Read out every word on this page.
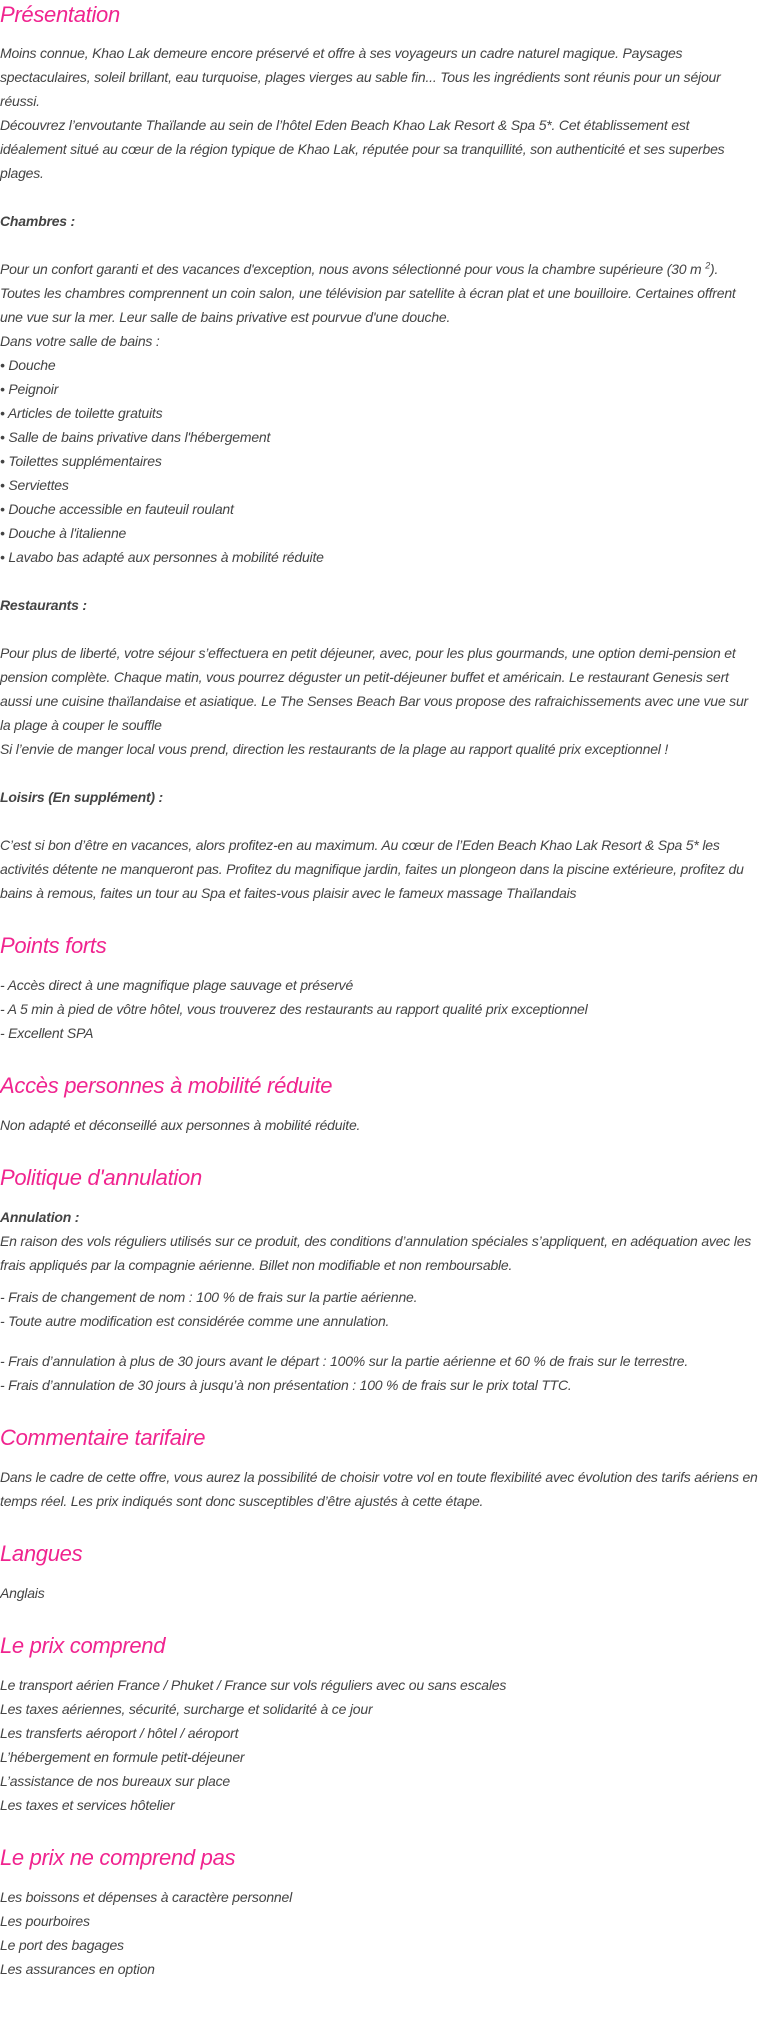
Présentation

Moins connue, Khao Lak demeure encore préservé et offre à ses voyageurs un cadre naturel magique. Paysages spectaculaires, soleil brillant, eau turquoise, plages vierges au sable fin... Tous les ingrédients sont réunis pour un séjour réussi.

Découvrez l’envoutante Thaïlande au sein de l’hôtel Eden Beach Khao Lak Resort & Spa 5*. Cet établissement est idéalement situé au cœur de la région typique de Khao Lak, réputée pour sa tranquillité, son authenticité et ses superbes plages.

Chambres :

Pour un confort garanti et des vacances d'exception, nous avons sélectionné pour vous la chambre supérieure (30 m $^2$). Toutes les chambres comprennent un coin salon, une télévision par satellite à écran plat et une bouilloire. Certaines offrent une vue sur la mer. Leur salle de bains privative est pourvue d'une douche.

Dans votre salle de bains :

• Douche
• Peignoir
• Articles de toilette gratuits
• Salle de bains privative dans l'hébergement
• Toilettes supplémentaires
• Serviettes
• Douche accessible en fauteuil roulant
• Douche à l'italienne
• Lavabo bas adapté aux personnes à mobilité réduite

Restaurants :

Pour plus de liberté, votre séjour s’effectuera en petit déjeuner, avec, pour les plus gourmands, une option demi-pension et pension complète. Chaque matin, vous pourrez déguster un petit-déjeuner buffet et américain. Le restaurant Genesis sert aussi une cuisine thaïlandaise et asiatique. Le The Senses Beach Bar vous propose des rafraichissements avec une vue sur la plage à couper le souffle

Si l’envie de manger local vous prend, direction les restaurants de la plage au rapport qualité prix exceptionnel !

Loisirs (En supplément) :

C’est si bon d’être en vacances, alors profitez-en au maximum. Au cœur de l’Eden Beach Khao Lak Resort & Spa 5* les activités détente ne manqueront pas. Profitez du magnifique jardin, faites un plongeon dans la piscine extérieure, profitez du bains à remous, faites un tour au Spa et faites-vous plaisir avec le fameux massage Thaïlandais

Points forts
- Accès direct à une magnifique plage sauvage et préservé
- A 5 min à pied de vôtre hôtel, vous trouverez des restaurants au rapport qualité prix exceptionnel
- Excellent SPA
Accès personnes à mobilité réduite

Non adapté et déconseillé aux personnes à mobilité réduite.

Politique d'annulation

Annulation :

En raison des vols réguliers utilisés sur ce produit, des conditions d’annulation spéciales s’appliquent, en adéquation avec les frais appliqués par la compagnie aérienne. Billet non modifiable et non remboursable.

- Frais de changement de nom : 100 % de frais sur la partie aérienne.
- Toute autre modification est considérée comme une annulation.
- Frais d’annulation à plus de 30 jours avant le départ : 100% sur la partie aérienne et 60 % de frais sur le terrestre.
- Frais d’annulation de 30 jours à jusqu’à non présentation : 100 % de frais sur le prix total TTC.
Commentaire tarifaire

Dans le cadre de cette offre, vous aurez la possibilité de choisir votre vol en toute flexibilité avec évolution des tarifs aériens en temps réel. Les prix indiqués sont donc susceptibles d’être ajustés à cette étape.

Langues

Anglais

Le prix comprend
Le transport aérien France / Phuket / France sur vols réguliers avec ou sans escales
Les taxes aériennes, sécurité, surcharge et solidarité à ce jour
Les transferts aéroport / hôtel / aéroport
L’hébergement en formule petit-déjeuner
L’assistance de nos bureaux sur place
Les taxes et services hôtelier
Le prix ne comprend pas
Les boissons et dépenses à caractère personnel
Les pourboires
Le port des bagages
Les assurances en option
